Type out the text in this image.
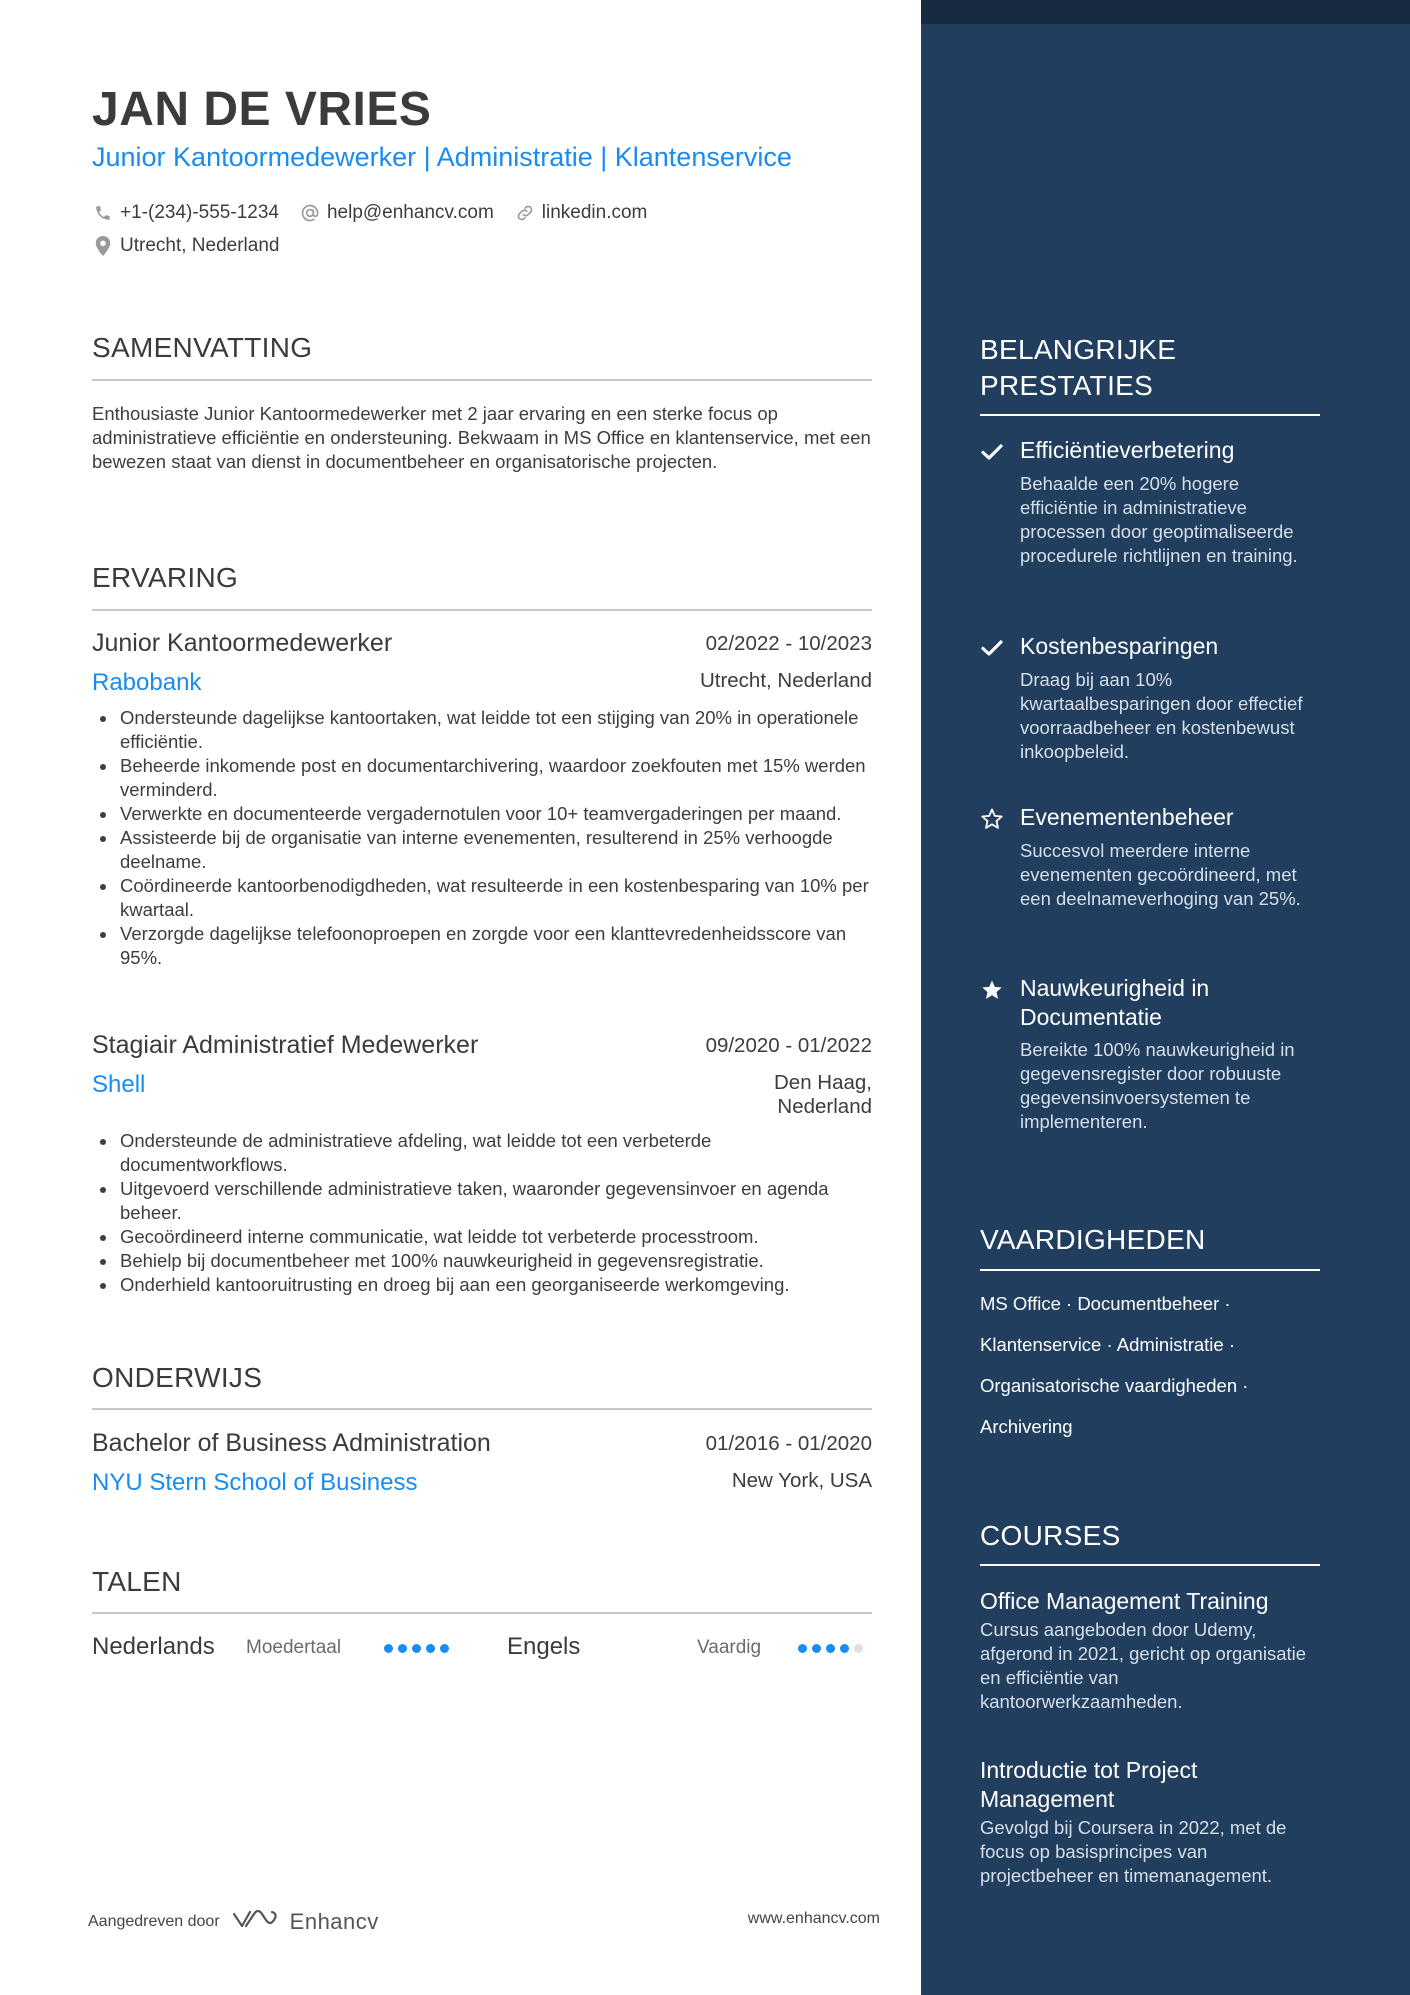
JAN DE VRIES
Junior Kantoormedewerker | Administratie | Klantenservice
+1-(234)-555-1234	help@enhancv.com	linkedin.com
Utrecht, Nederland
SAMENVATTING
Enthousiaste Junior Kantoormedewerker met 2 jaar ervaring en een sterke focus op administratieve efficiëntie en ondersteuning. Bekwaam in MS Office en klantenservice, met een bewezen staat van dienst in documentbeheer en organisatorische projecten.
ERVARING
Junior Kantoormedewerker	02/2022 - 10/2023
Rabobank	Utrecht, Nederland
Ondersteunde dagelijkse kantoortaken, wat leidde tot een stijging van 20% in operationele efficiëntie.
Beheerde inkomende post en documentarchivering, waardoor zoekfouten met 15% werden verminderd.
Verwerkte en documenteerde vergadernotulen voor 10+ teamvergaderingen per maand.
Assisteerde bij de organisatie van interne evenementen, resulterend in 25% verhoogde deelname.
Coördineerde kantoorbenodigdheden, wat resulteerde in een kostenbesparing van 10% per kwartaal.
Verzorgde dagelijkse telefoonoproepen en zorgde voor een klanttevredenheidsscore van 95%.
Stagiair Administratief Medewerker	09/2020 - 01/2022
Shell	Den Haag, Nederland
Ondersteunde de administratieve afdeling, wat leidde tot een verbeterde documentworkflows.
Uitgevoerd verschillende administratieve taken, waaronder gegevensinvoer en agenda beheer.
Gecoördineerd interne communicatie, wat leidde tot verbeterde processtroom.
Behielp bij documentbeheer met 100% nauwkeurigheid in gegevensregistratie.
Onderhield kantooruitrusting en droeg bij aan een georganiseerde werkomgeving.
ONDERWIJS
Bachelor of Business Administration	01/2016 - 01/2020
NYU Stern School of Business	New York, USA
TALEN
Nederlands Moedertaal	Engels	Vaardig
Aangedreven door	Enhancv	www.enhancv.com
BELANGRIJKE PRESTATIES
Efficiëntieverbetering
Behaalde een 20% hogere efficiëntie in administratieve processen door geoptimaliseerde procedurele richtlijnen en training.
Kostenbesparingen
Draag bij aan 10% kwartaalbesparingen door effectief voorraadbeheer en kostenbewust inkoopbeleid.
Evenementenbeheer
Succesvol meerdere interne evenementen gecoördineerd, met een deelnameverhoging van 25%.
Nauwkeurigheid in Documentatie
Bereikte 100% nauwkeurigheid in gegevensregister door robuuste gegevensinvoersystemen te implementeren.
VAARDIGHEDEN
MS Office · Documentbeheer ·
Klantenservice · Administratie ·
Organisatorische vaardigheden ·
Archivering
COURSES
Office Management Training
Cursus aangeboden door Udemy, afgerond in 2021, gericht op organisatie en efficiëntie van kantoorwerkzaamheden.
Introductie tot Project Management
Gevolgd bij Coursera in 2022, met de focus op basisprincipes van projectbeheer en timemanagement.
